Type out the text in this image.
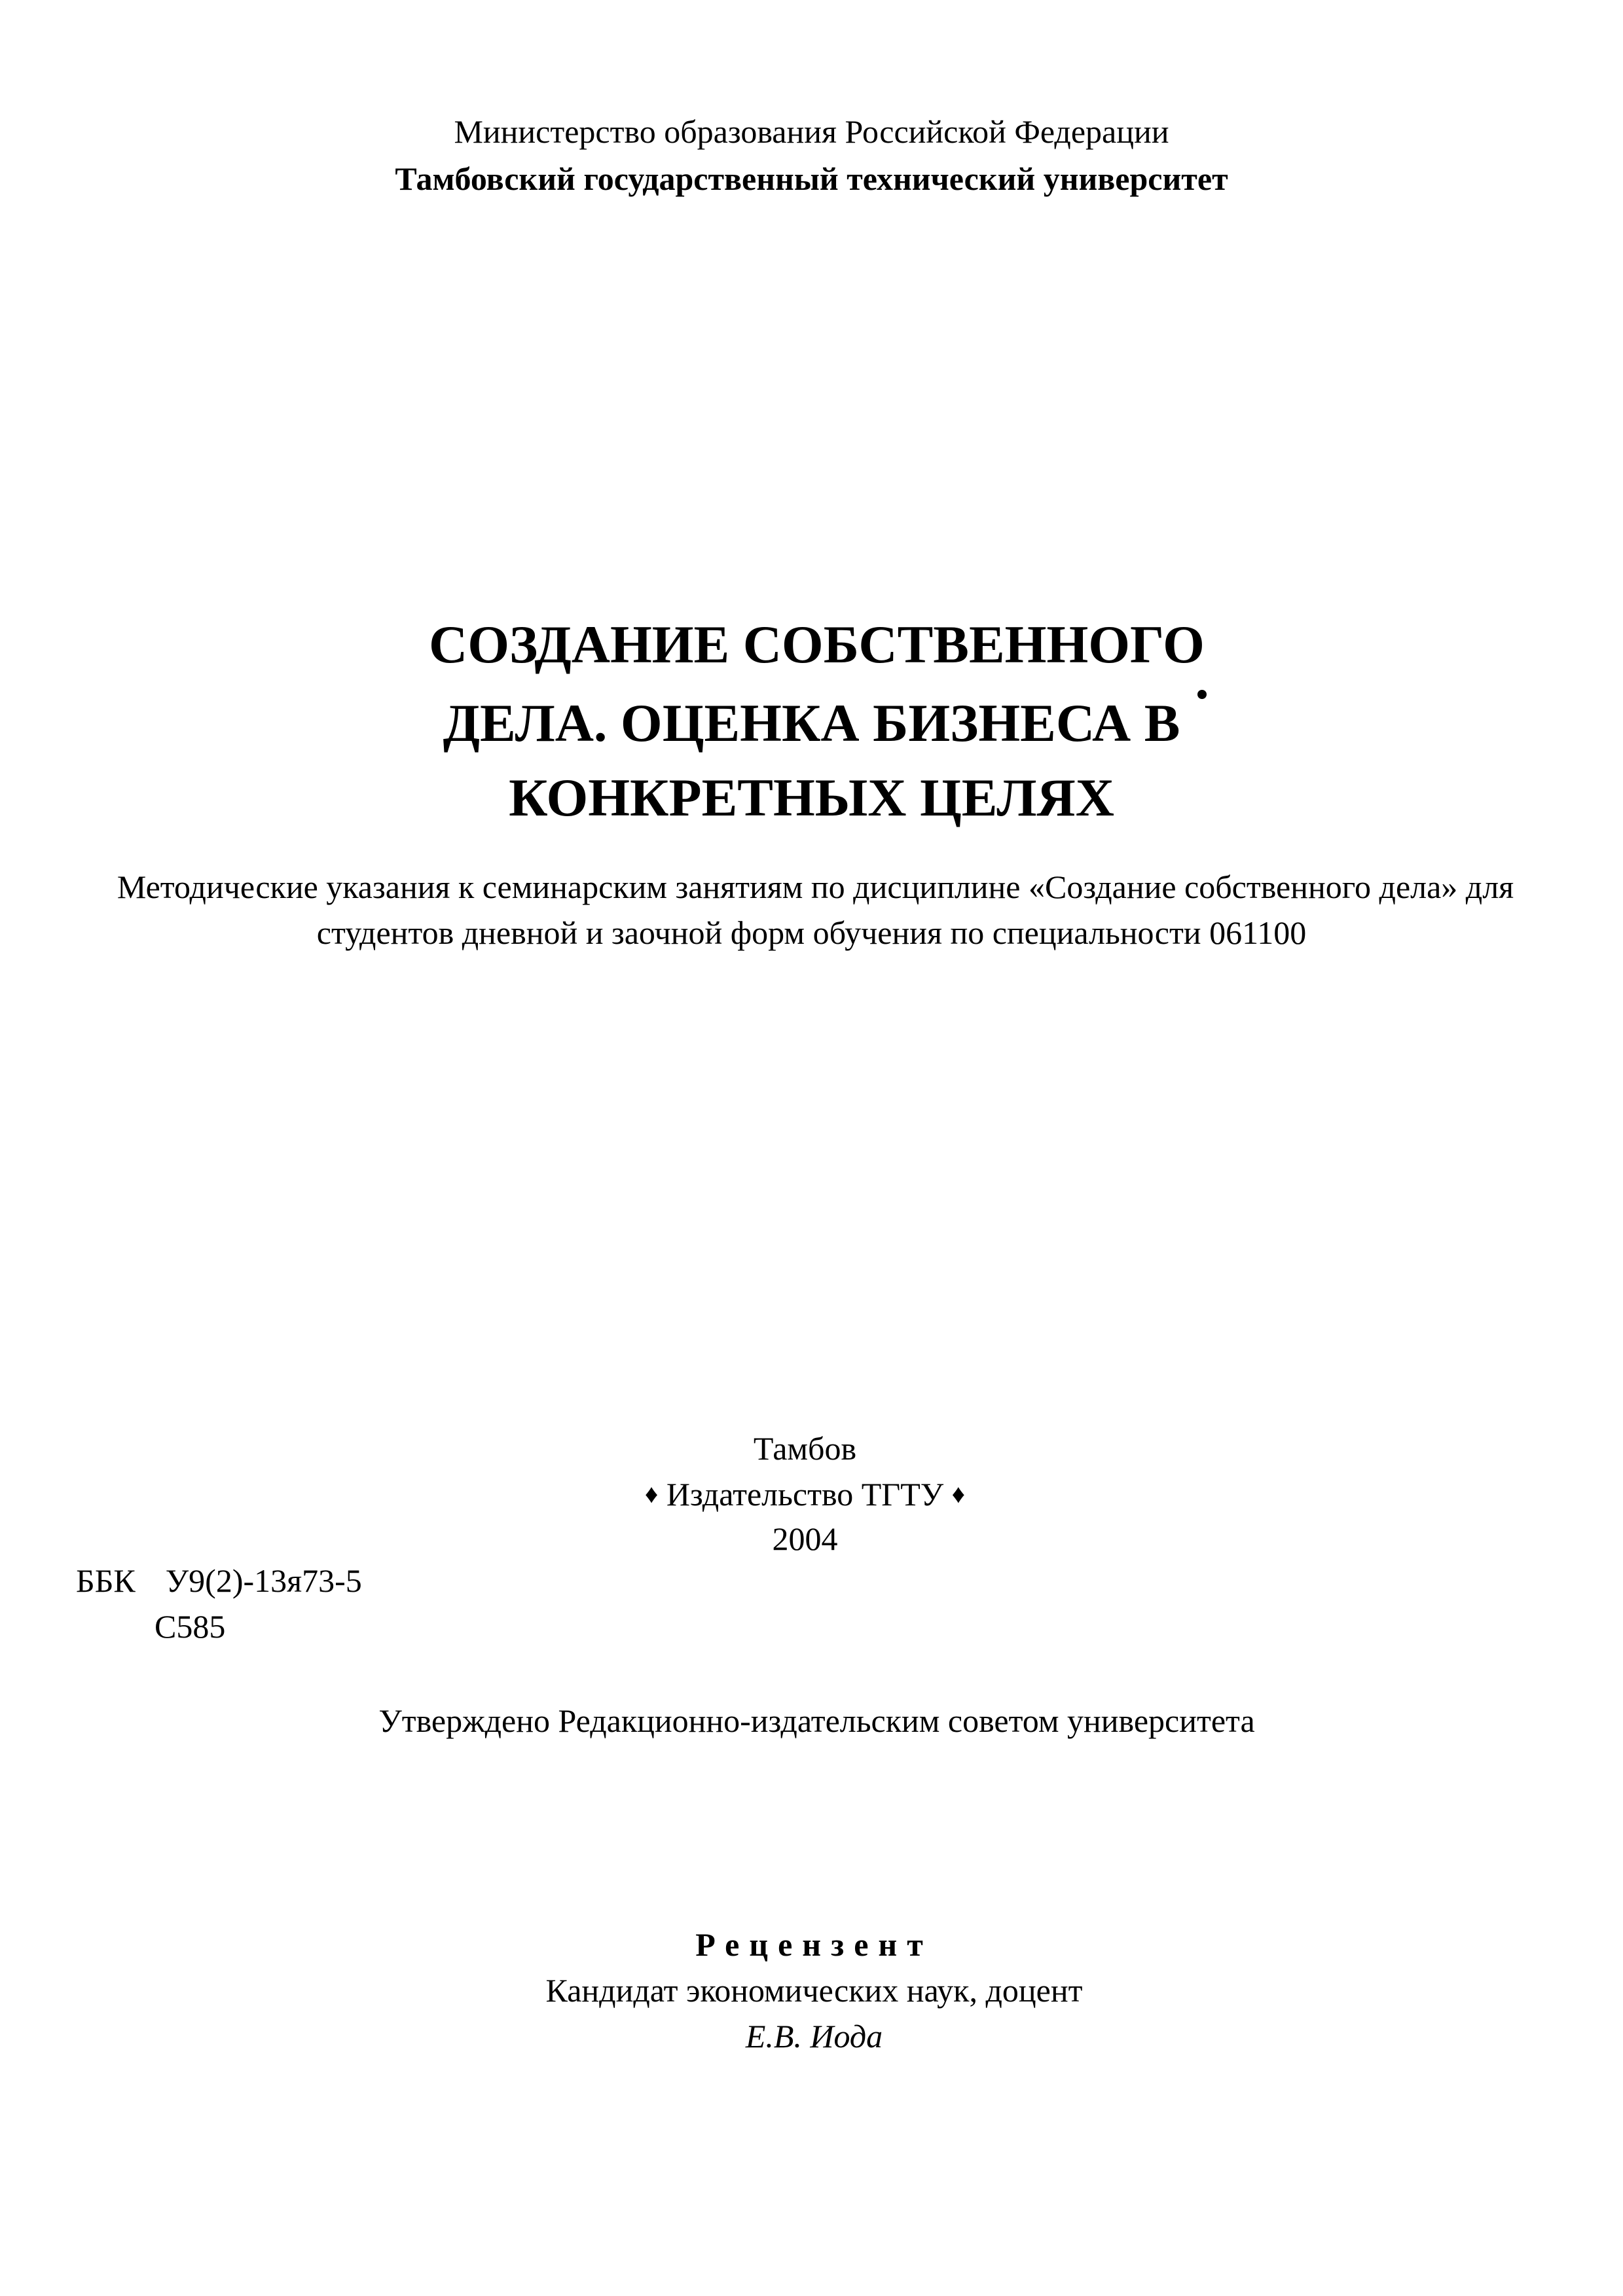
Министерство образования Российской Федерации
Тамбовский государственный технический университет
СОЗДАНИЕ СОБСТВЕННОГО
ДЕЛА. ОЦЕНКА БИЗНЕСА В
КОНКРЕТНЫХ ЦЕЛЯХ
Методические указания к семинарским занятиям по дисциплине «Создание собственного дела» для
студентов дневной и заочной форм обучения по специальности 061100
Тамбов
♦ Издательство ТГТУ ♦
2004
ББК У9(2)-13я73-5
С585
Утверждено Редакционно-издательским советом университета
Рецензент
Кандидат экономических наук, доцент
Е.В. Иода
